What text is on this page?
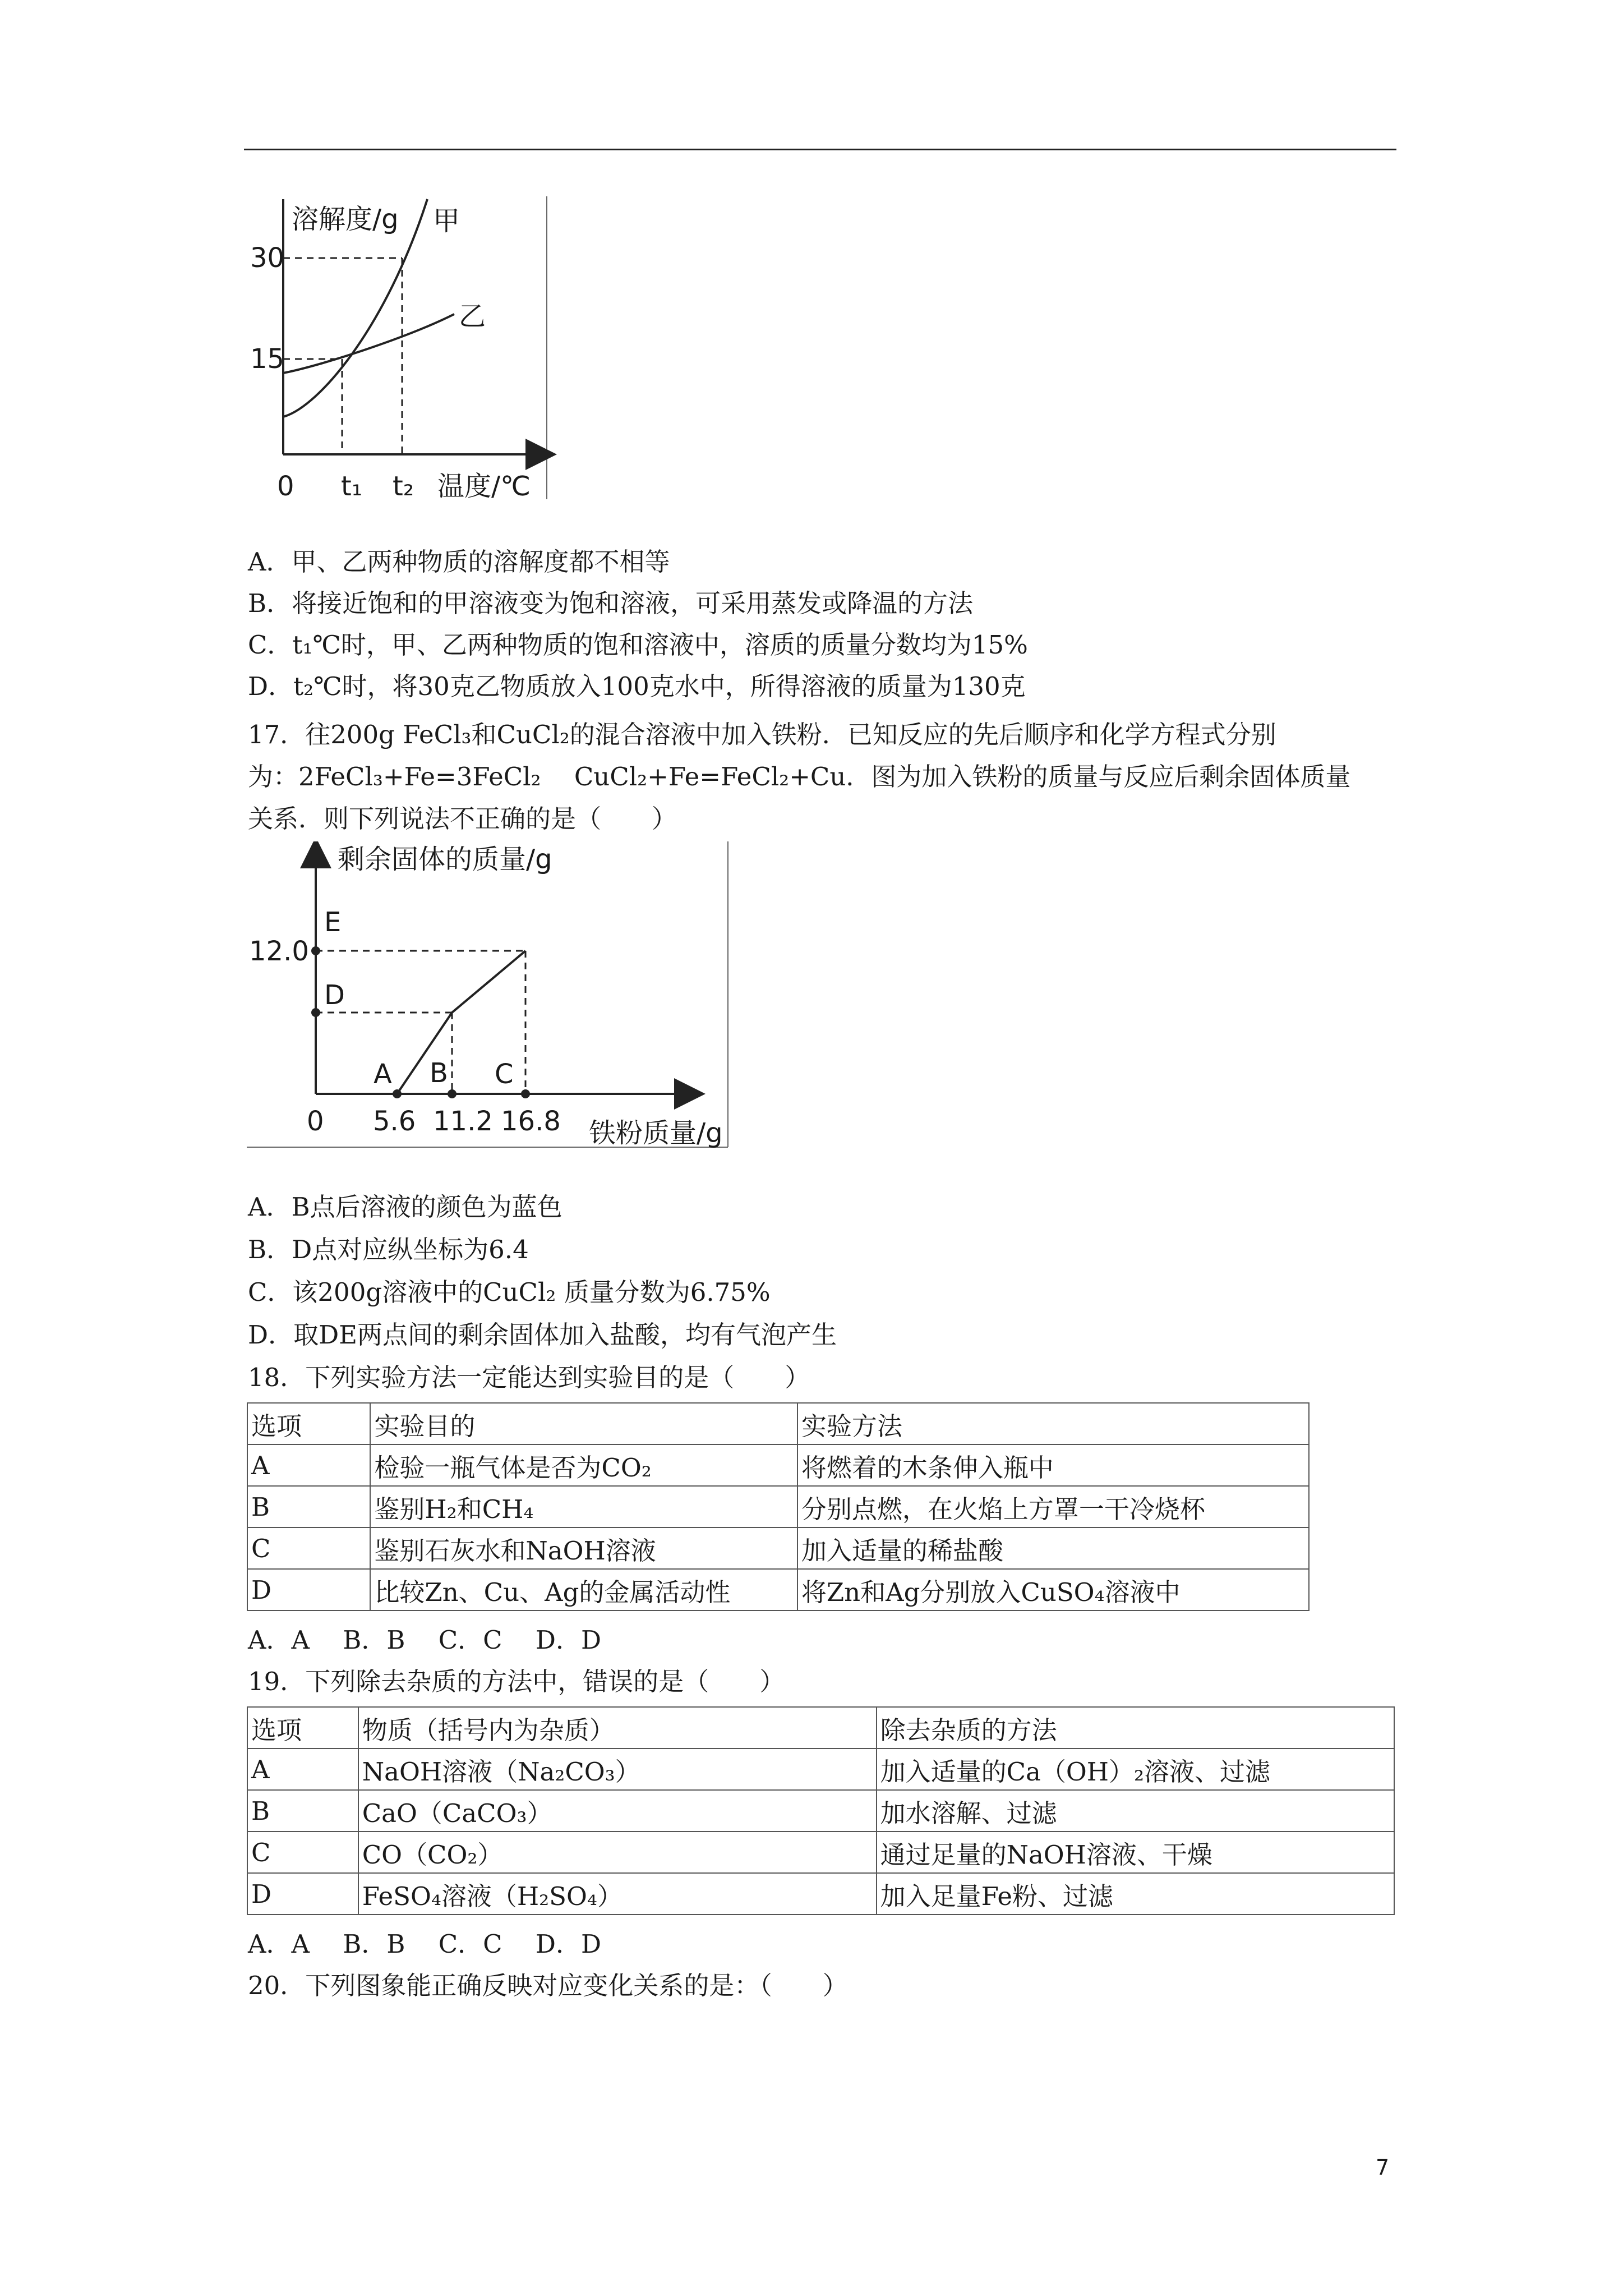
溶解度/g 甲
30
15
乙
0 t₁ t₂ 温度/℃
A．甲、乙两种物质的溶解度都不相等
B．将接近饱和的甲溶液变为饱和溶液，可采用蒸发或降温的方法
C．t₁℃时，甲、乙两种物质的饱和溶液中，溶质的质量分数均为15%
D．t₂℃时，将30克乙物质放入100克水中，所得溶液的质量为130克
17．往200g FeCl₃和CuCl₂的混合溶液中加入铁粉．已知反应的先后顺序和化学方程式分别
为：2FeCl₃+Fe=3FeCl₂　 CuCl₂+Fe=FeCl₂+Cu．图为加入铁粉的质量与反应后剩余固体质量
关系．则下列说法不正确的是（　　）
剩余固体的质量/g
E
12.0
D
A B C
0 5.6 11.2 16.8 铁粉质量/g
A．B点后溶液的颜色为蓝色
B．D点对应纵坐标为6.4
C．该200g溶液中的CuCl₂ 质量分数为6.75%
D．取DE两点间的剩余固体加入盐酸，均有气泡产生
18．下列实验方法一定能达到实验目的是（　　）
选项	实验目的	实验方法
A	检验一瓶气体是否为CO₂	将燃着的木条伸入瓶中
B	鉴别H₂和CH₄	分别点燃，在火焰上方罩一干冷烧杯
C	鉴别石灰水和NaOH溶液	加入适量的稀盐酸
D	比较Zn、Cu、Ag的金属活动性	将Zn和Ag分别放入CuSO₄溶液中
A．A　 B．B　 C．C　 D．D
19．下列除去杂质的方法中，错误的是（　　）
选项	物质（括号内为杂质）	除去杂质的方法
A	NaOH溶液（Na₂CO₃）	加入适量的Ca（OH）₂溶液、过滤
B	CaO（CaCO₃）	加水溶解、过滤
C	CO（CO₂）	通过足量的NaOH溶液、干燥
D	FeSO₄溶液（H₂SO₄）	加入足量Fe粉、过滤
A．A　 B．B　 C．C　 D．D
20．下列图象能正确反映对应变化关系的是：（　　）
7
